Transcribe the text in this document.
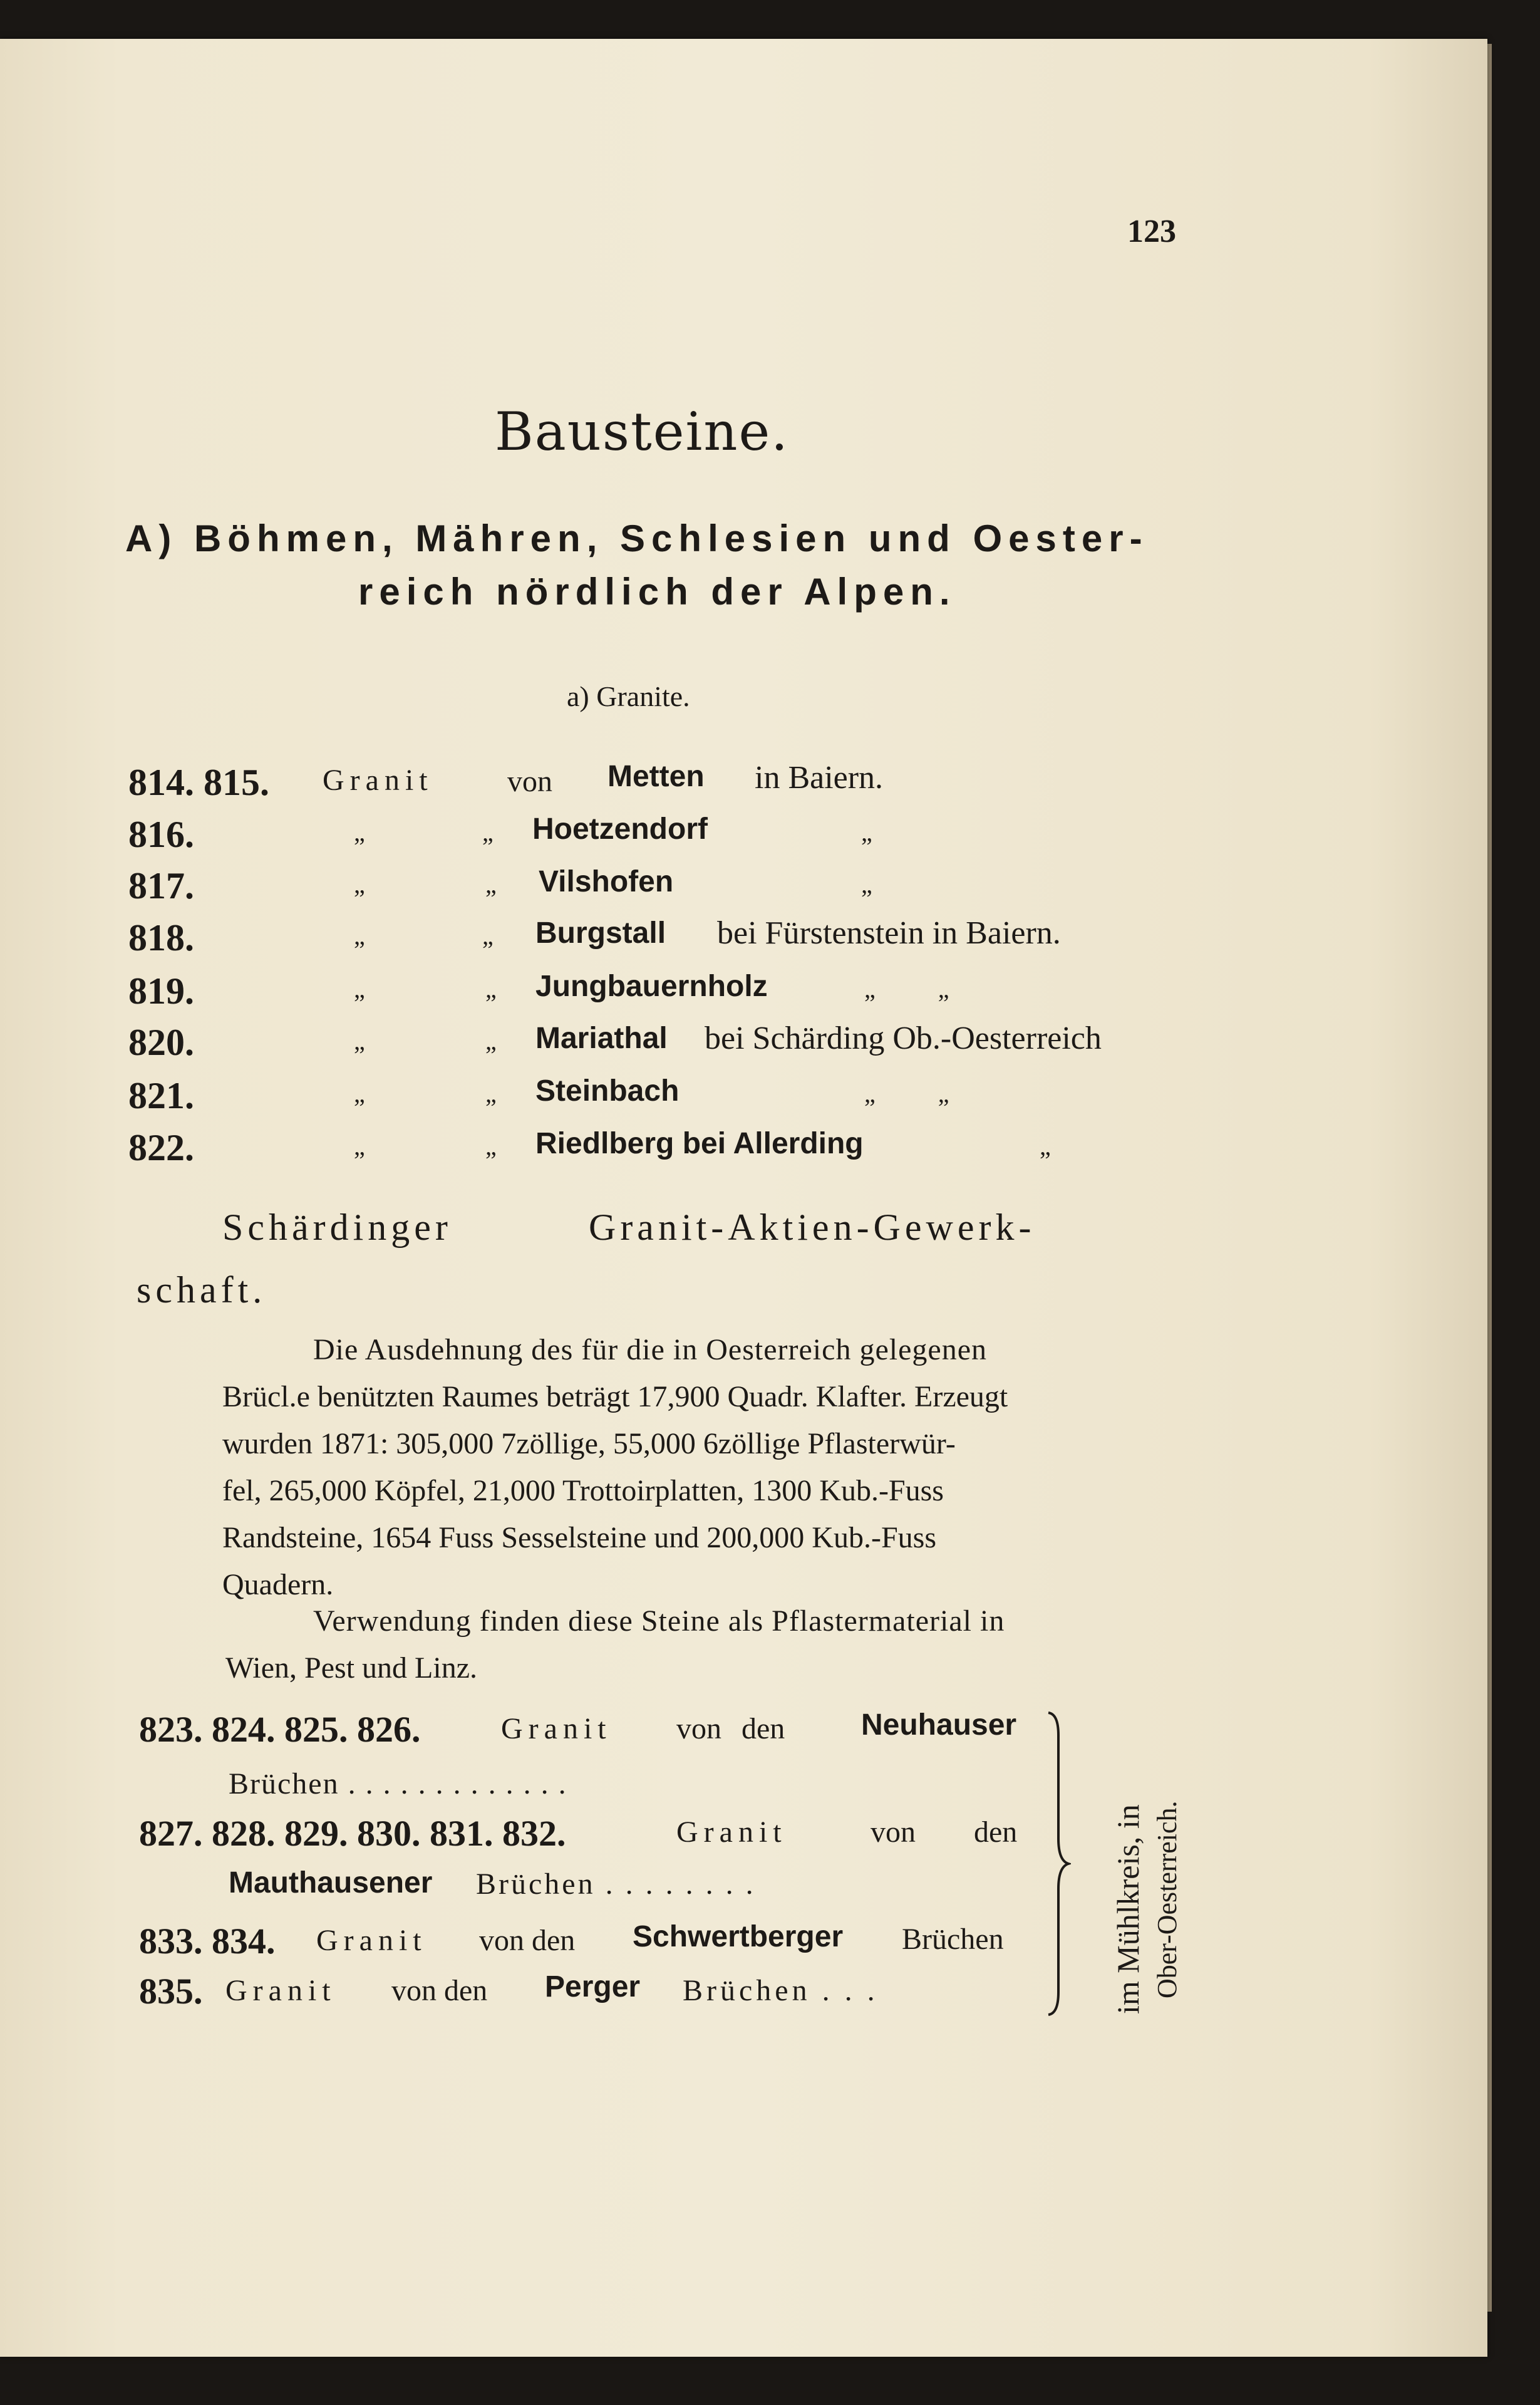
123
Bausteine.
A) Böhmen, Mähren, Schlesien und Oester-
reich nördlich der Alpen.
a) Granite.
814. 815. Granit von Metten in Baiern.
816.	„	„ Hoetzendorf	„
817.	„	„ Vilshofen	„
818.	„	„ Burgstall bei Fürstenstein in Baiern.
819.	„	„ Jungbauernholz	„          „
820.	„	„ Mariathal bei Schärding Ob.-Oesterreich
821.	„	„ Steinbach	„          „
822.	„	„ Riedlberg bei Allerding	„
Schärdinger	Granit-Aktien-Gewerk-
schaft.
Die Ausdehnung des für die in Oesterreich gelegenen
Brücl.e benützten Raumes beträgt 17,900 Quadr. Klafter. Erzeugt
wurden 1871: 305,000 7zöllige, 55,000 6zöllige Pflasterwür-
fel, 265,000 Köpfel, 21,000 Trottoirplatten, 1300 Kub.-Fuss
Randsteine, 1654 Fuss Sesselsteine und 200,000 Kub.-Fuss
Quadern.
Verwendung finden diese Steine als Pflastermaterial in
Wien, Pest und Linz.
823. 824. 825. 826.	Granit von den	Neuhauser
Brüchen . . . . . . . . . . . . .
827. 828. 829. 830. 831. 832.	Granit	von den
Mauthausener Brüchen . . . . . . . .
833. 834. Granit von den Schwertberger Brüchen
835. Granit von den Perger Brüchen . . .	im Mühlkreis, in Ober-Oesterreich.
